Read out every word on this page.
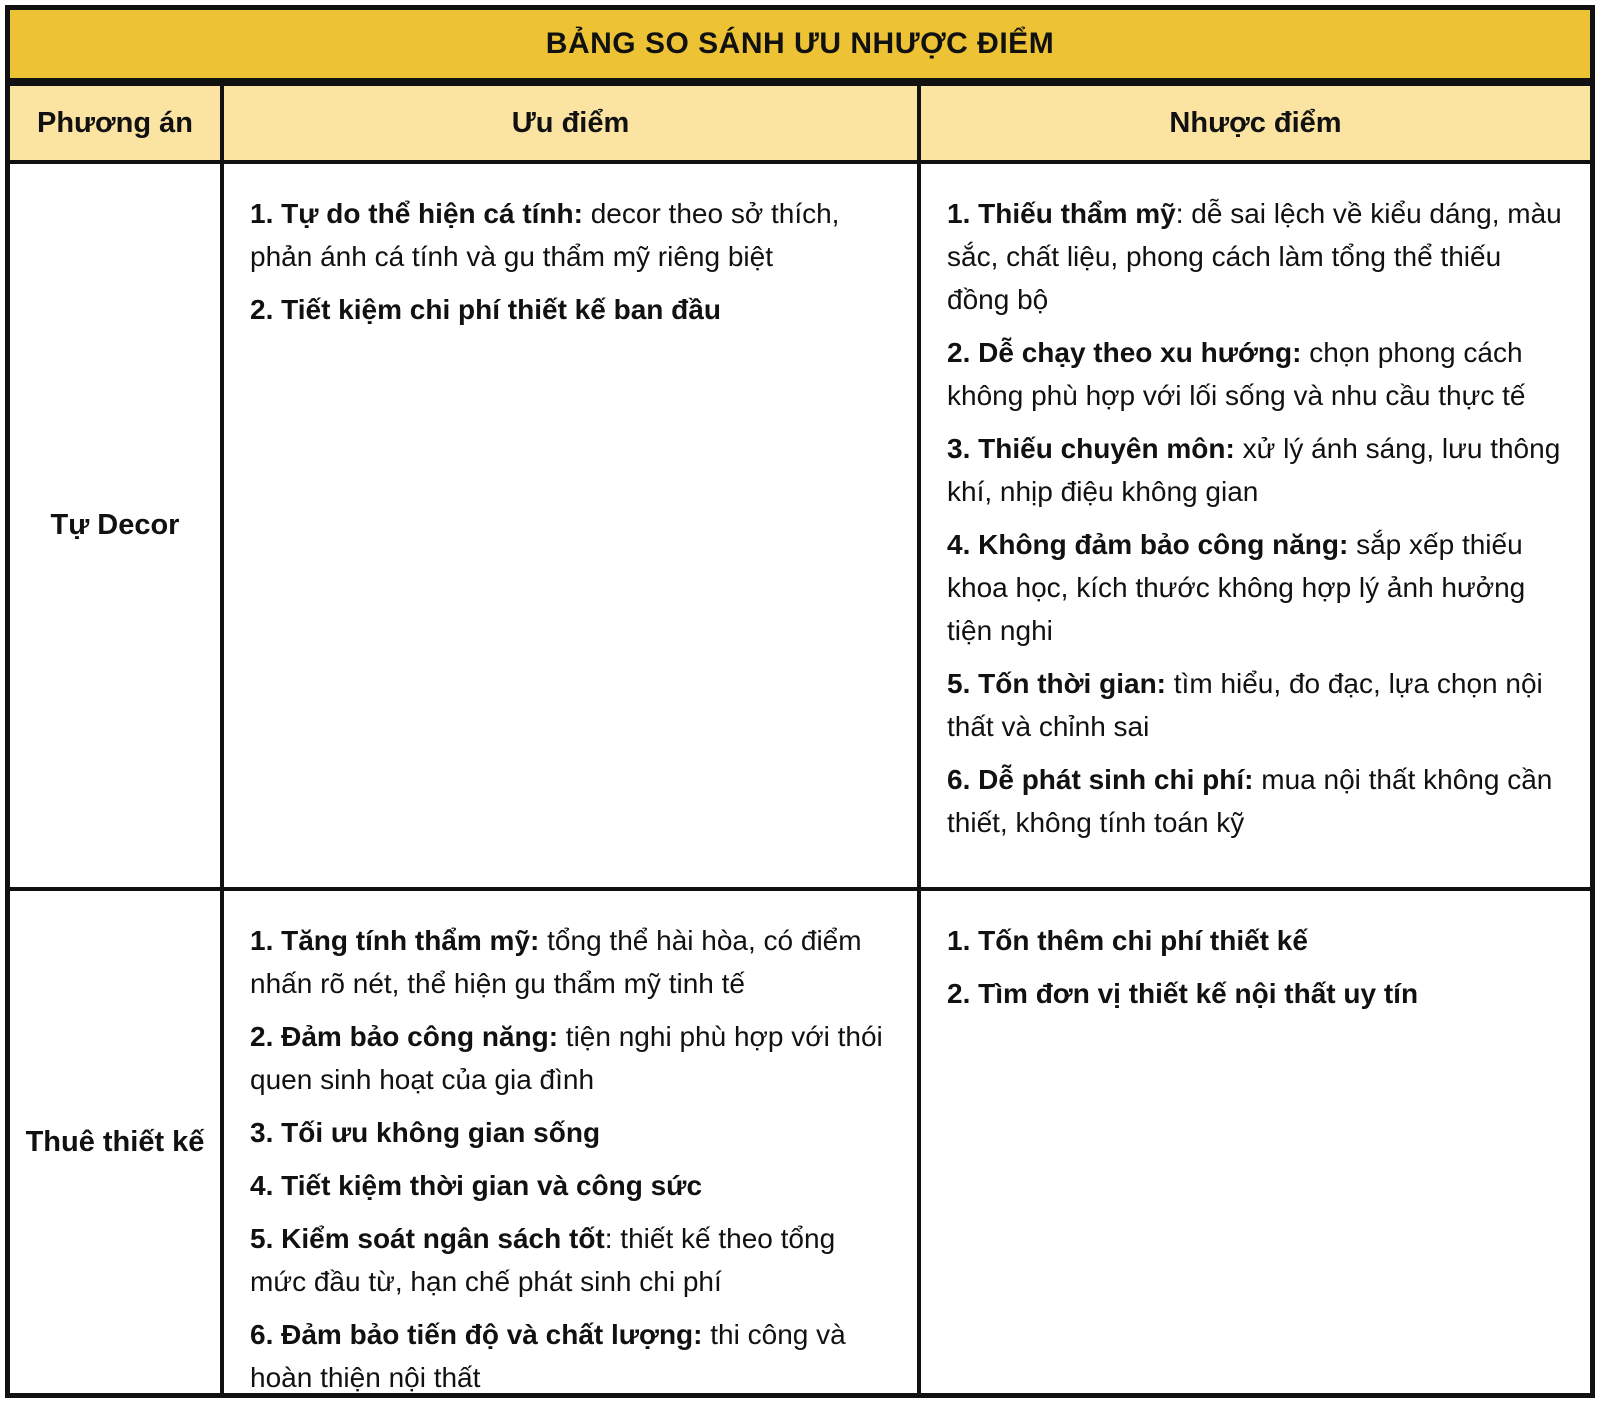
BẢNG SO SÁNH ƯU NHƯỢC ĐIỂM
Phương án	Ưu điểm	Nhược điểm
Tự Decor

1. Tự do thể hiện cá tính: decor theo sở thích, phản ánh cá tính và gu thẩm mỹ riêng biệt

2. Tiết kiệm chi phí thiết kế ban đầu

1. Thiếu thẩm mỹ: dễ sai lệch về kiểu dáng, màu sắc, chất liệu, phong cách làm tổng thể thiếu đồng bộ

2. Dễ chạy theo xu hướng: chọn phong cách không phù hợp với lối sống và nhu cầu thực tế

3. Thiếu chuyên môn: xử lý ánh sáng, lưu thông khí, nhịp điệu không gian

4. Không đảm bảo công năng: sắp xếp thiếu khoa học, kích thước không hợp lý ảnh hưởng tiện nghi

5. Tốn thời gian: tìm hiểu, đo đạc, lựa chọn nội thất và chỉnh sai

6. Dễ phát sinh chi phí: mua nội thất không cần thiết, không tính toán kỹ

Thuê thiết kế

1. Tăng tính thẩm mỹ: tổng thể hài hòa, có điểm nhấn rõ nét, thể hiện gu thẩm mỹ tinh tế

2. Đảm bảo công năng: tiện nghi phù hợp với thói quen sinh hoạt của gia đình

3. Tối ưu không gian sống

4. Tiết kiệm thời gian và công sức

5. Kiểm soát ngân sách tốt: thiết kế theo tổng mức đầu từ, hạn chế phát sinh chi phí

6. Đảm bảo tiến độ và chất lượng: thi công và hoàn thiện nội thất

1. Tốn thêm chi phí thiết kế

2. Tìm đơn vị thiết kế nội thất uy tín
